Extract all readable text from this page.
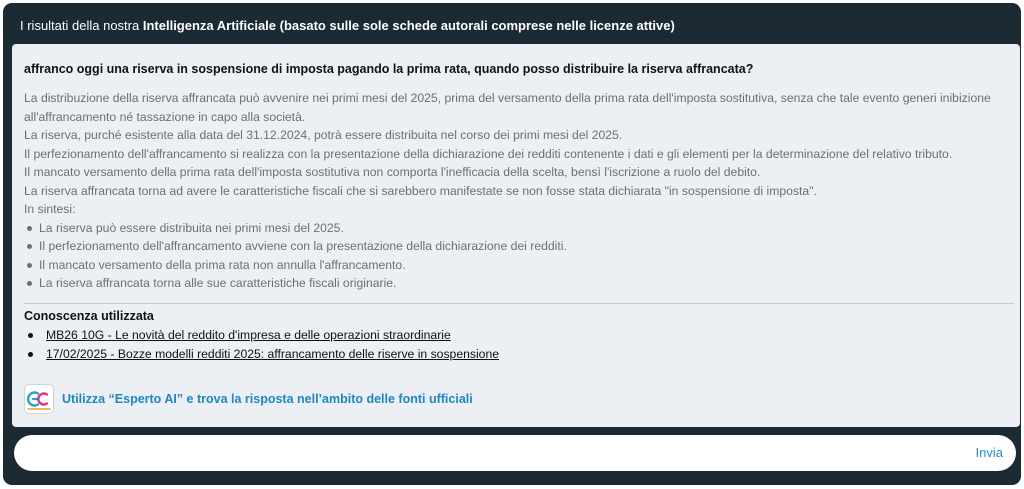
I risultati della nostra Intelligenza Artificiale (basato sulle sole schede autorali comprese nelle licenze attive)
affranco oggi una riserva in sospensione di imposta pagando la prima rata, quando posso distribuire la riserva affrancata?

La distribuzione della riserva affrancata può avvenire nei primi mesi del 2025, prima del versamento della prima rata dell'imposta sostitutiva, senza che tale evento generi inibizione all'affrancamento né tassazione in capo alla società.

La riserva, purché esistente alla data del 31.12.2024, potrà essere distribuita nel corso dei primi mesi del 2025.

Il perfezionamento dell'affrancamento si realizza con la presentazione della dichiarazione dei redditi contenente i dati e gli elementi per la determinazione del relativo tributo.

Il mancato versamento della prima rata dell'imposta sostitutiva non comporta l'inefficacia della scelta, bensì l'iscrizione a ruolo del debito.

La riserva affrancata torna ad avere le caratteristiche fiscali che si sarebbero manifestate se non fosse stata dichiarata "in sospensione di imposta".

In sintesi:

La riserva può essere distribuita nei primi mesi del 2025.
Il perfezionamento dell'affrancamento avviene con la presentazione della dichiarazione dei redditi.
Il mancato versamento della prima rata non annulla l'affrancamento.
La riserva affrancata torna alle sue caratteristiche fiscali originarie.
Conoscenza utilizzata
MB26 10G - Le novità del reddito d'impresa e delle operazioni straordinarie
17/02/2025 - Bozze modelli redditi 2025: affrancamento delle riserve in sospensione
Utilizza “Esperto AI” e trova la risposta nell’ambito delle fonti ufficiali
Invia
